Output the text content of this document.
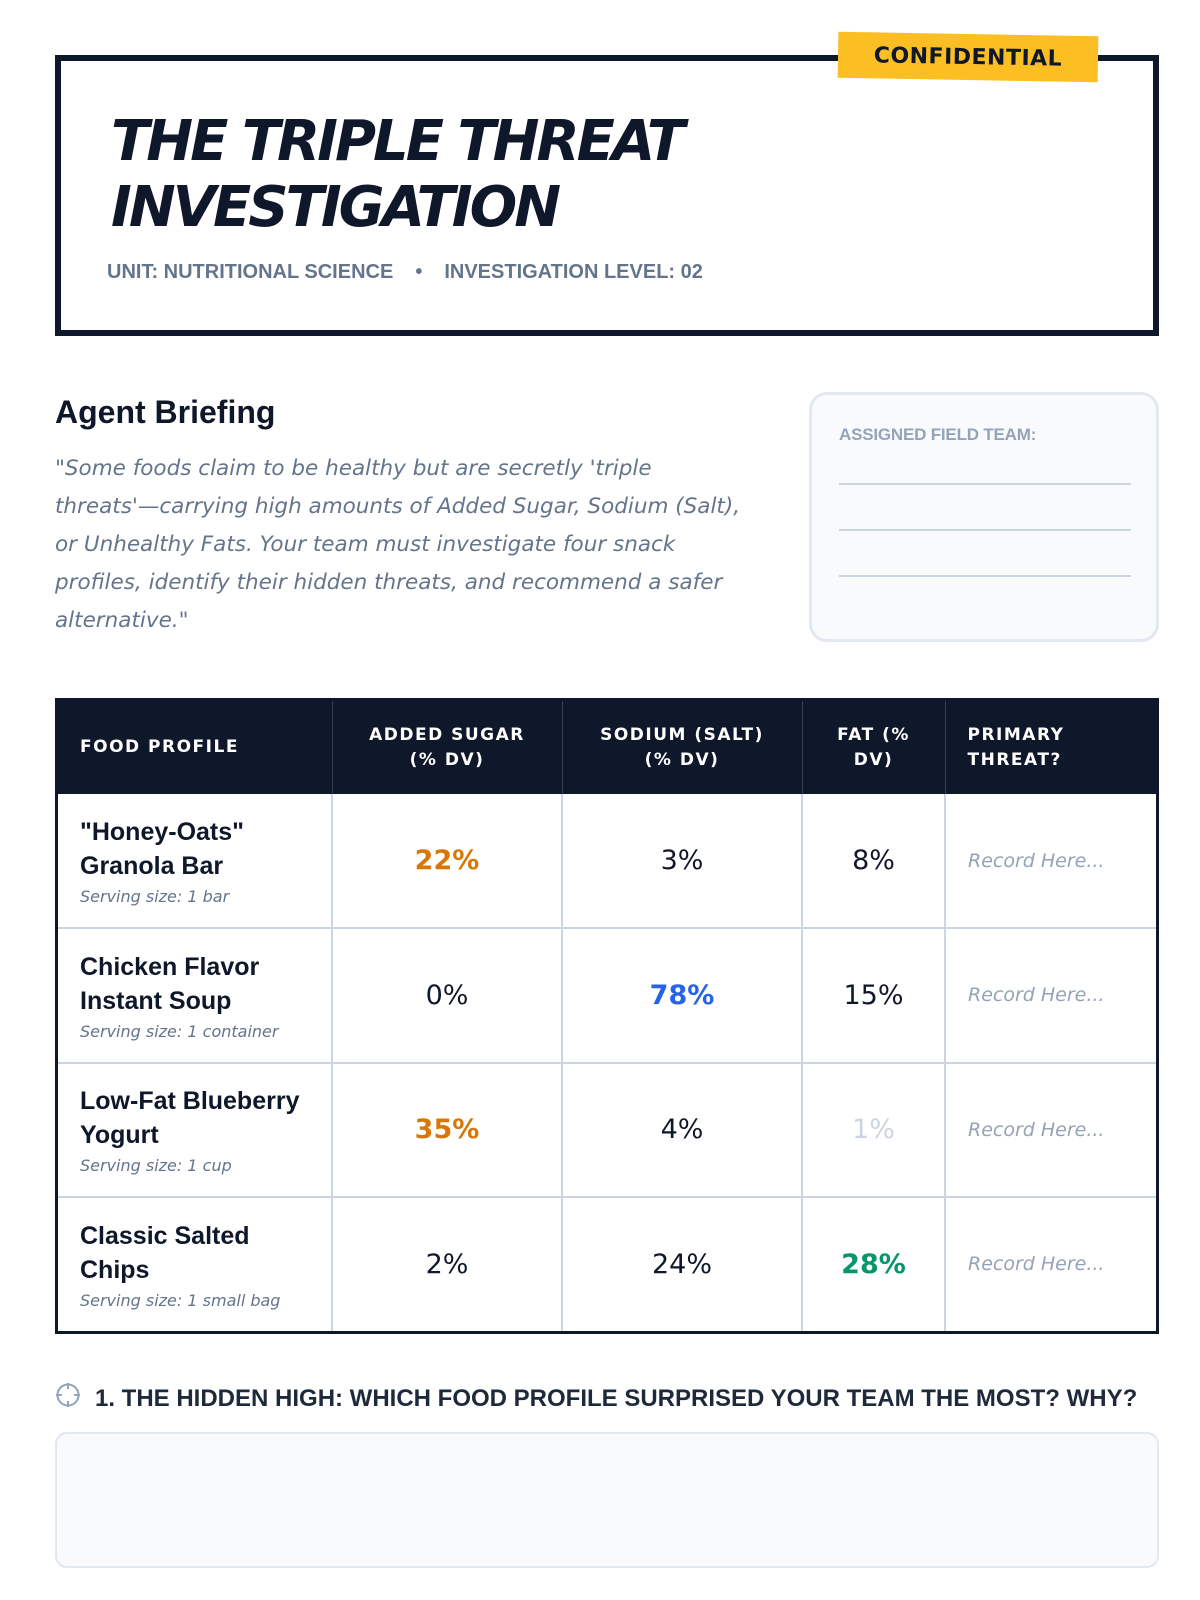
THE TRIPLE THREAT
INVESTIGATION
UNIT: NUTRITIONAL SCIENCE • INVESTIGATION LEVEL: 02
CONFIDENTIAL
Agent Briefing
"Some foods claim to be healthy but are secretly 'triple threats'—carrying high amounts of Added Sugar, Sodium (Salt), or Unhealthy Fats. Your team must investigate four snack profiles, identify their hidden threats, and recommend a safer alternative."
ASSIGNED FIELD TEAM:
FOOD PROFILE	ADDED SUGAR (% DV)	SODIUM (SALT) (% DV)	FAT (% DV)	PRIMARY THREAT?

"Honey-Oats" Granola Bar
Serving size: 1 bar	22%	3%	8%	Record Here...

Chicken Flavor Instant Soup
Serving size: 1 container	0%	78%	15%	Record Here...

Low-Fat Blueberry Yogurt
Serving size: 1 cup	35%	4%	1%	Record Here...

Classic Salted Chips
Serving size: 1 small bag	2%	24%	28%	Record Here...
1. THE HIDDEN HIGH: WHICH FOOD PROFILE SURPRISED YOUR TEAM THE MOST? WHY?
